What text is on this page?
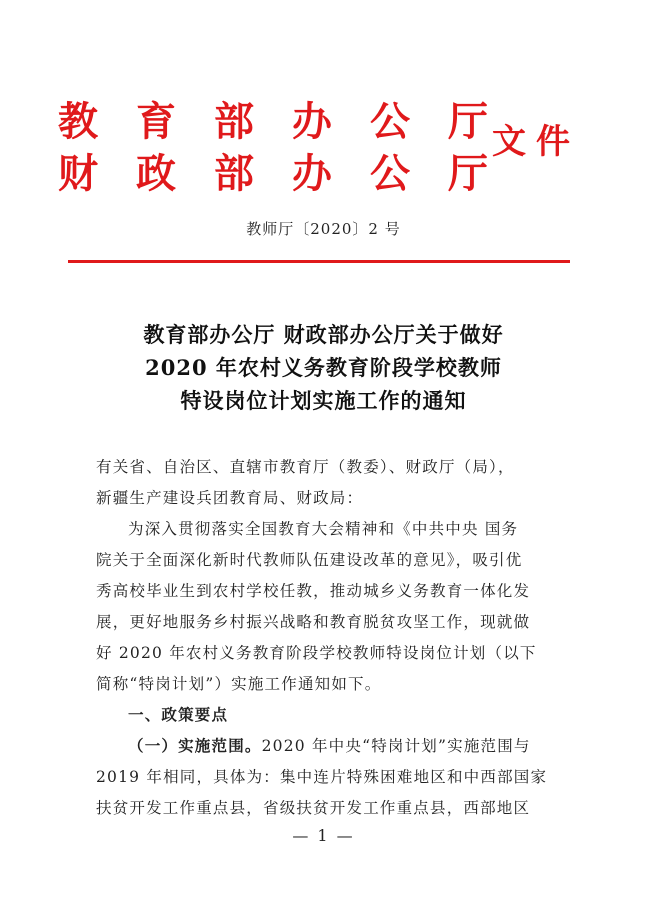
教 育 部 办 公 厅
财 政 部 办 公 厅
文件
教师厅〔2020〕2 号
教育部办公厅 财政部办公厅关于做好
2020 年农村义务教育阶段学校教师
特设岗位计划实施工作的通知
有关省、自治区、直辖市教育厅（教委）、财政厅（局），
新疆生产建设兵团教育局、财政局：
为深入贯彻落实全国教育大会精神和《中共中央 国务
院关于全面深化新时代教师队伍建设改革的意见》，吸引优
秀高校毕业生到农村学校任教，推动城乡义务教育一体化发
展，更好地服务乡村振兴战略和教育脱贫攻坚工作，现就做
好 2020 年农村义务教育阶段学校教师特设岗位计划（以下
简称“特岗计划”）实施工作通知如下。
一、政策要点
（一）实施范围。2020 年中央“特岗计划”实施范围与
2019 年相同，具体为：集中连片特殊困难地区和中西部国家
扶贫开发工作重点县，省级扶贫开发工作重点县，西部地区
— 1 —
